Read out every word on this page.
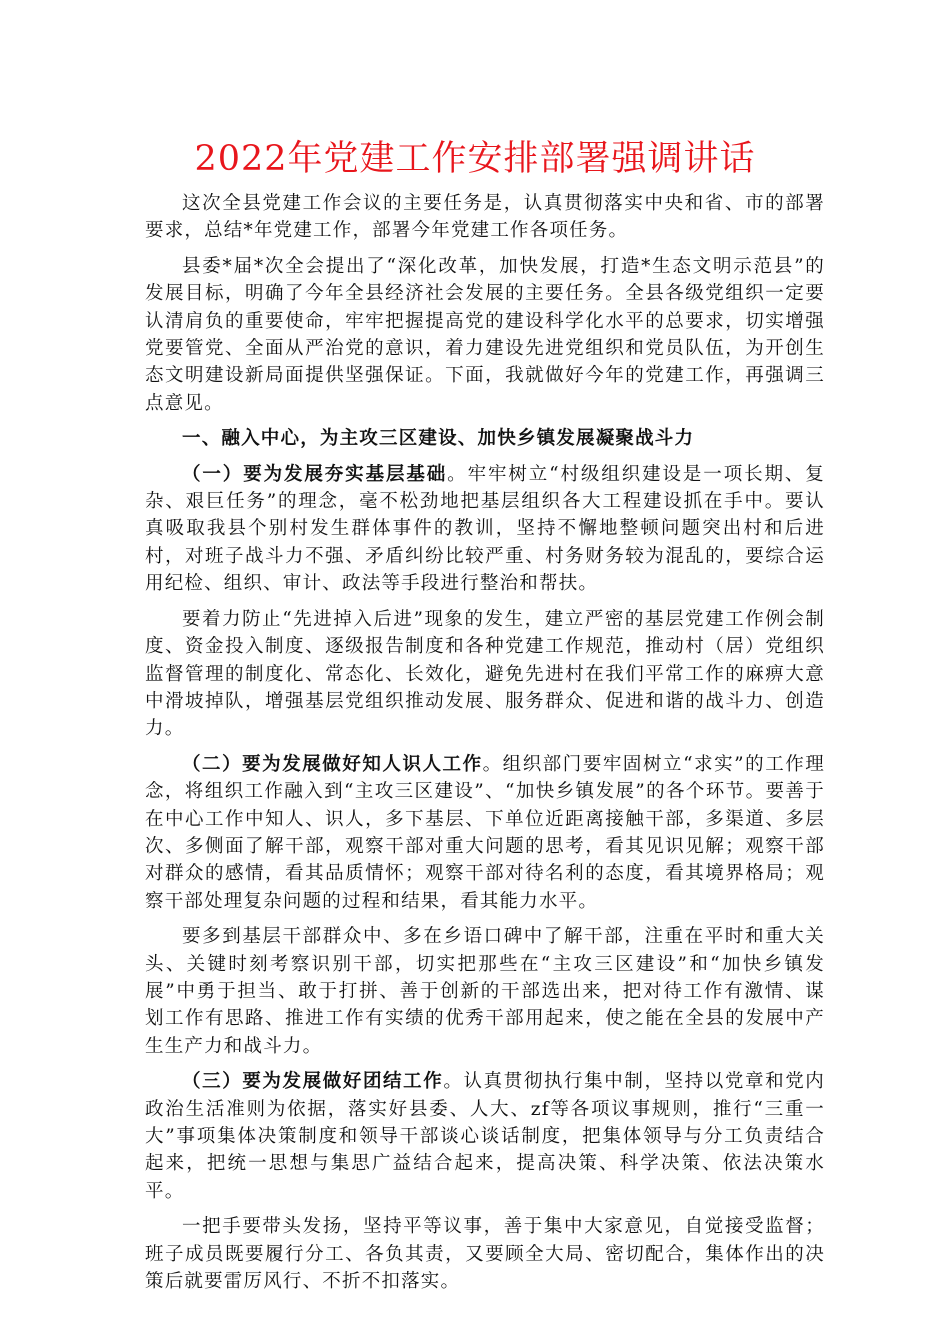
2022年党建工作安排部署强调讲话

这次全县党建工作会议的主要任务是，认真贯彻落实中央和省、市的部署要求，总结*年党建工作，部署今年党建工作各项任务。

县委*届*次全会提出了“深化改革，加快发展，打造*生态文明示范县”的发展目标，明确了今年全县经济社会发展的主要任务。全县各级党组织一定要认清肩负的重要使命，牢牢把握提高党的建设科学化水平的总要求，切实增强党要管党、全面从严治党的意识，着力建设先进党组织和党员队伍，为开创生态文明建设新局面提供坚强保证。下面，我就做好今年的党建工作，再强调三点意见。

一、融入中心，为主攻三区建设、加快乡镇发展凝聚战斗力

（一）要为发展夯实基层基础。牢牢树立“村级组织建设是一项长期、复杂、艰巨任务”的理念，毫不松劲地把基层组织各大工程建设抓在手中。要认真吸取我县个别村发生群体事件的教训，坚持不懈地整顿问题突出村和后进村，对班子战斗力不强、矛盾纠纷比较严重、村务财务较为混乱的，要综合运用纪检、组织、审计、政法等手段进行整治和帮扶。

要着力防止“先进掉入后进”现象的发生，建立严密的基层党建工作例会制度、资金投入制度、逐级报告制度和各种党建工作规范，推动村（居）党组织监督管理的制度化、常态化、长效化，避免先进村在我们平常工作的麻痹大意中滑坡掉队，增强基层党组织推动发展、服务群众、促进和谐的战斗力、创造力。

（二）要为发展做好知人识人工作。组织部门要牢固树立“求实”的工作理念，将组织工作融入到“主攻三区建设”、“加快乡镇发展”的各个环节。要善于在中心工作中知人、识人，多下基层、下单位近距离接触干部，多渠道、多层次、多侧面了解干部，观察干部对重大问题的思考，看其见识见解；观察干部对群众的感情，看其品质情怀；观察干部对待名利的态度，看其境界格局；观察干部处理复杂问题的过程和结果，看其能力水平。

要多到基层干部群众中、多在乡语口碑中了解干部，注重在平时和重大关头、关键时刻考察识别干部，切实把那些在“主攻三区建设”和“加快乡镇发展”中勇于担当、敢于打拼、善于创新的干部选出来，把对待工作有激情、谋划工作有思路、推进工作有实绩的优秀干部用起来，使之能在全县的发展中产生生产力和战斗力。

（三）要为发展做好团结工作。认真贯彻执行集中制，坚持以党章和党内政治生活准则为依据，落实好县委、人大、zf等各项议事规则，推行“三重一大”事项集体决策制度和领导干部谈心谈话制度，把集体领导与分工负责结合起来，把统一思想与集思广益结合起来，提高决策、科学决策、依法决策水平。

一把手要带头发扬，坚持平等议事，善于集中大家意见，自觉接受监督；班子成员既要履行分工、各负其责，又要顾全大局、密切配合，集体作出的决策后就要雷厉风行、不折不扣落实。
